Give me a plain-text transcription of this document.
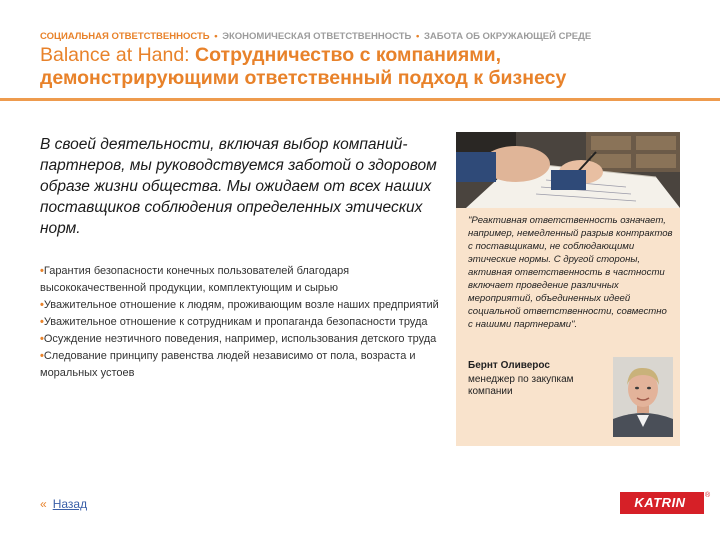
СОЦИАЛЬНАЯ ОТВЕТСТВЕННОСТЬ • ЭКОНОМИЧЕСКАЯ ОТВЕТСТВЕННОСТЬ • ЗАБОТА ОБ ОКРУЖАЮЩЕЙ СРЕДЕ
Balance at Hand: Сотрудничество с компаниями, демонстрирующими ответственный подход к бизнесу
В своей деятельности, включая выбор компаний-партнеров, мы руководствуемся заботой о здоровом образе жизни общества. Мы ожидаем от всех наших поставщиков соблюдения определенных этических норм.
•Гарантия безопасности конечных пользователей благодаря высококачественной продукции, комплектующим и сырью
•Уважительное отношение к людям, проживающим возле наших предприятий
•Уважительное отношение к сотрудникам и пропаганда безопасности труда
•Осуждение неэтичного поведения, например, использования детского труда
•Следование принципу равенства людей независимо от пола, возраста и моральных устоев
"Реактивная ответственность означает, например, немедленный разрыв контрактов с поставщиками, не соблюдающими этические нормы. С другой стороны, активная ответственность в частности включает проведение различных мероприятий, объединенных идеей социальной ответственности, совместно с нашими партнерами".
Бернт Оливерос
менеджер по закупкам компании
« Назад	KATRIN	®
